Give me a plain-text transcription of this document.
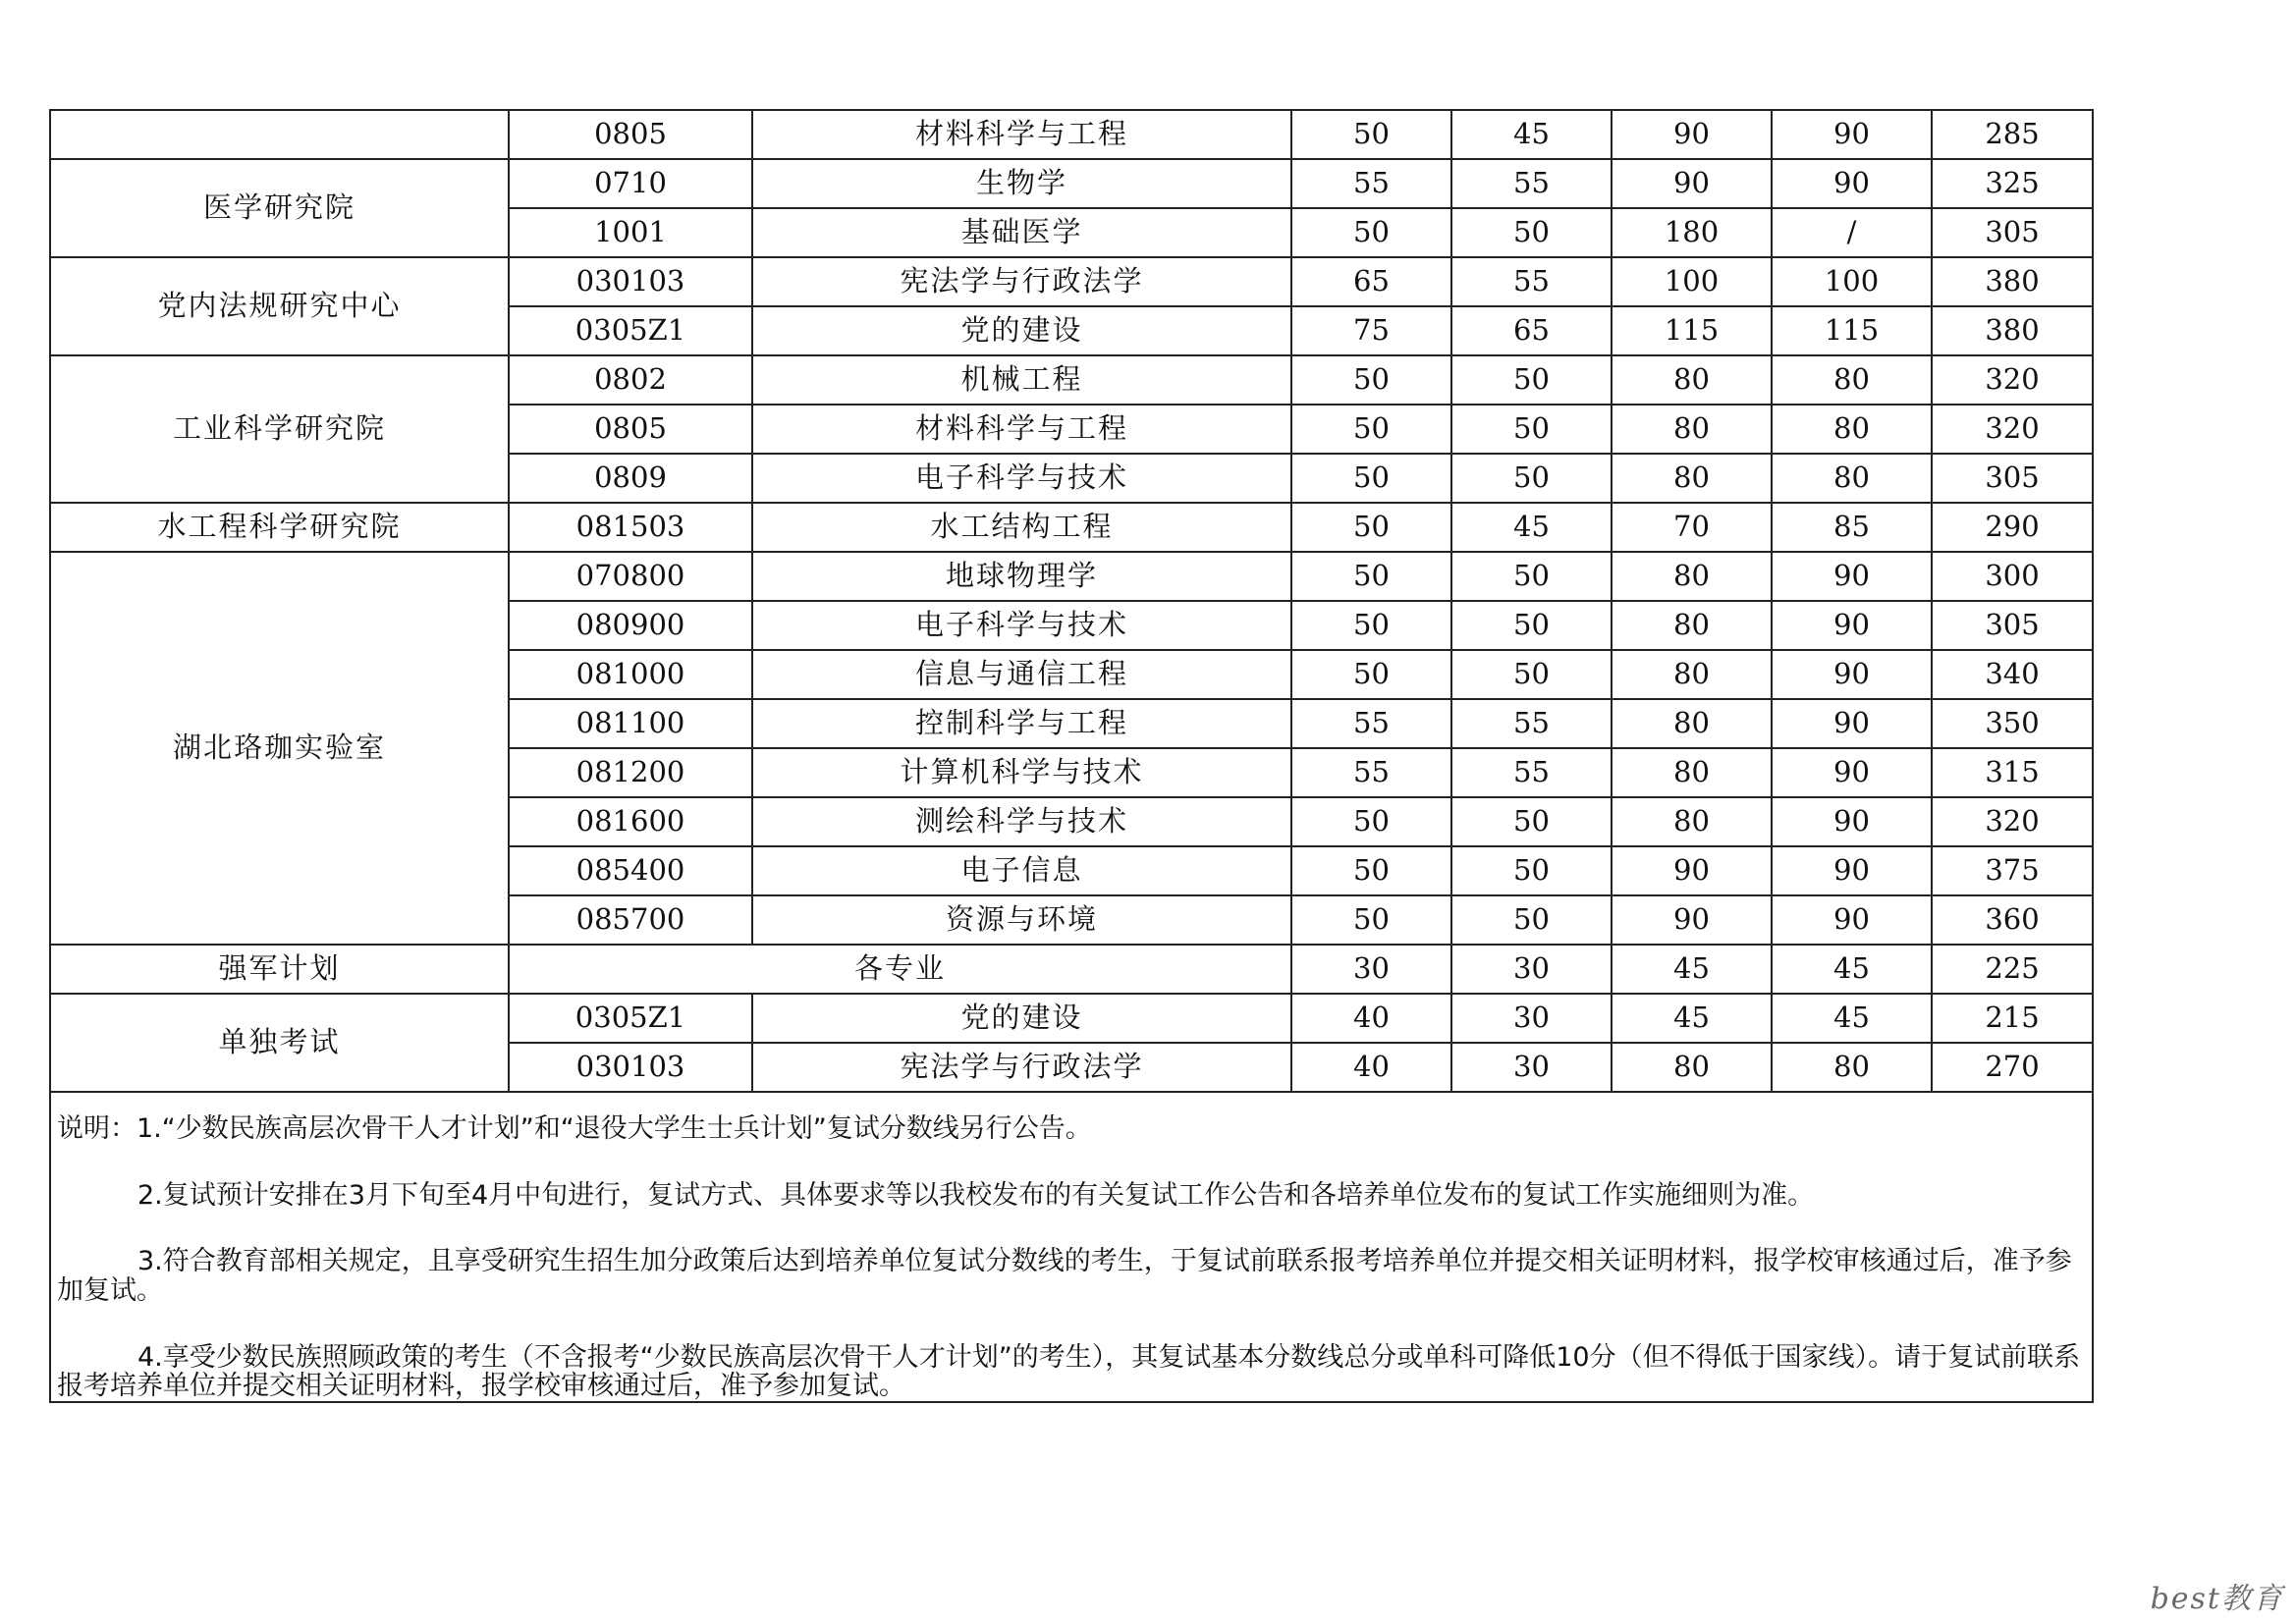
	0805	材料科学与工程	50	45	90	90	285
医学研究院	0710	生物学	55	55	90	90	325
	1001	基础医学	50	50	180	/	305
党内法规研究中心	030103	宪法学与行政法学	65	55	100	100	380
	0305Z1	党的建设	75	65	115	115	380
工业科学研究院	0802	机械工程	50	50	80	80	320
	0805	材料科学与工程	50	50	80	80	320
	0809	电子科学与技术	50	50	80	80	305
水工程科学研究院	081503	水工结构工程	50	45	70	85	290
湖北珞珈实验室	070800	地球物理学	50	50	80	90	300
	080900	电子科学与技术	50	50	80	90	305
	081000	信息与通信工程	50	50	80	90	340
	081100	控制科学与工程	55	55	80	90	350
	081200	计算机科学与技术	55	55	80	90	315
	081600	测绘科学与技术	50	50	80	90	320
	085400	电子信息	50	50	90	90	375
	085700	资源与环境	50	50	90	90	360
强军计划	各专业		30	30	45	45	225
单独考试	0305Z1	党的建设	40	30	45	45	215
	030103	宪法学与行政法学	40	30	80	80	270

说明：1.“少数民族高层次骨干人才计划”和“退役大学生士兵计划”复试分数线另行公告。

2.复试预计安排在3月下旬至4月中旬进行，复试方式、具体要求等以我校发布的有关复试工作公告和各培养单位发布的复试工作实施细则为准。

3.符合教育部相关规定，且享受研究生招生加分政策后达到培养单位复试分数线的考生，于复试前联系报考培养单位并提交相关证明材料，报学校审核通过后，准予参加复试。

4.享受少数民族照顾政策的考生（不含报考“少数民族高层次骨干人才计划”的考生），其复试基本分数线总分或单科可降低10分（但不得低于国家线）。请于复试前联系报考培养单位并提交相关证明材料，报学校审核通过后，准予参加复试。							

best教育
